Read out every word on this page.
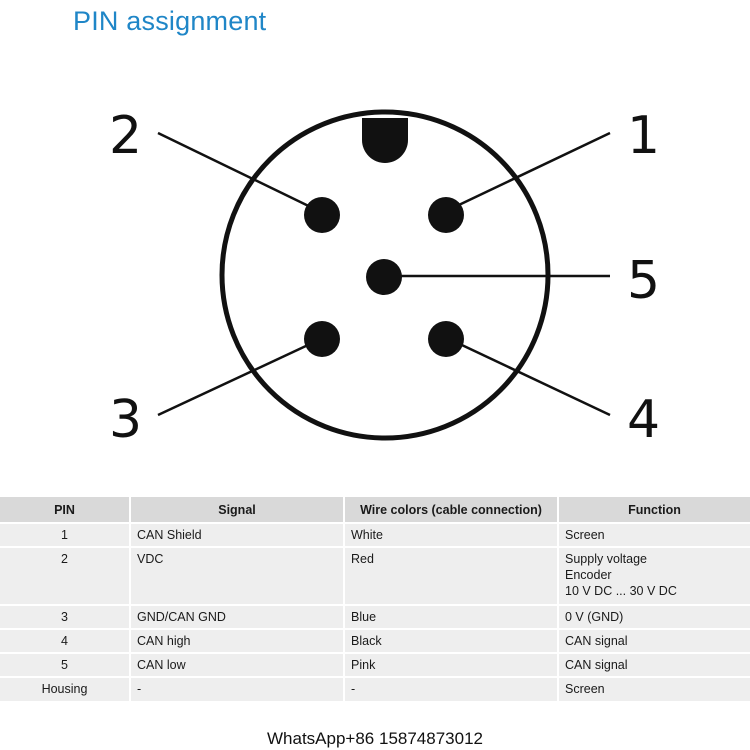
PIN assignment
1
2
3	4
5
PIN	Signal	Wire colors (cable connection)	Function
1	CAN Shield	White	Screen
2	VDC	Red	Supply voltage
Encoder
10 V DC ... 30 V DC
3	GND/CAN GND	Blue	0 V (GND)
4	CAN high	Black	CAN signal
5	CAN low	Pink	CAN signal
Housing	-	-	Screen
WhatsApp+86 15874873012
